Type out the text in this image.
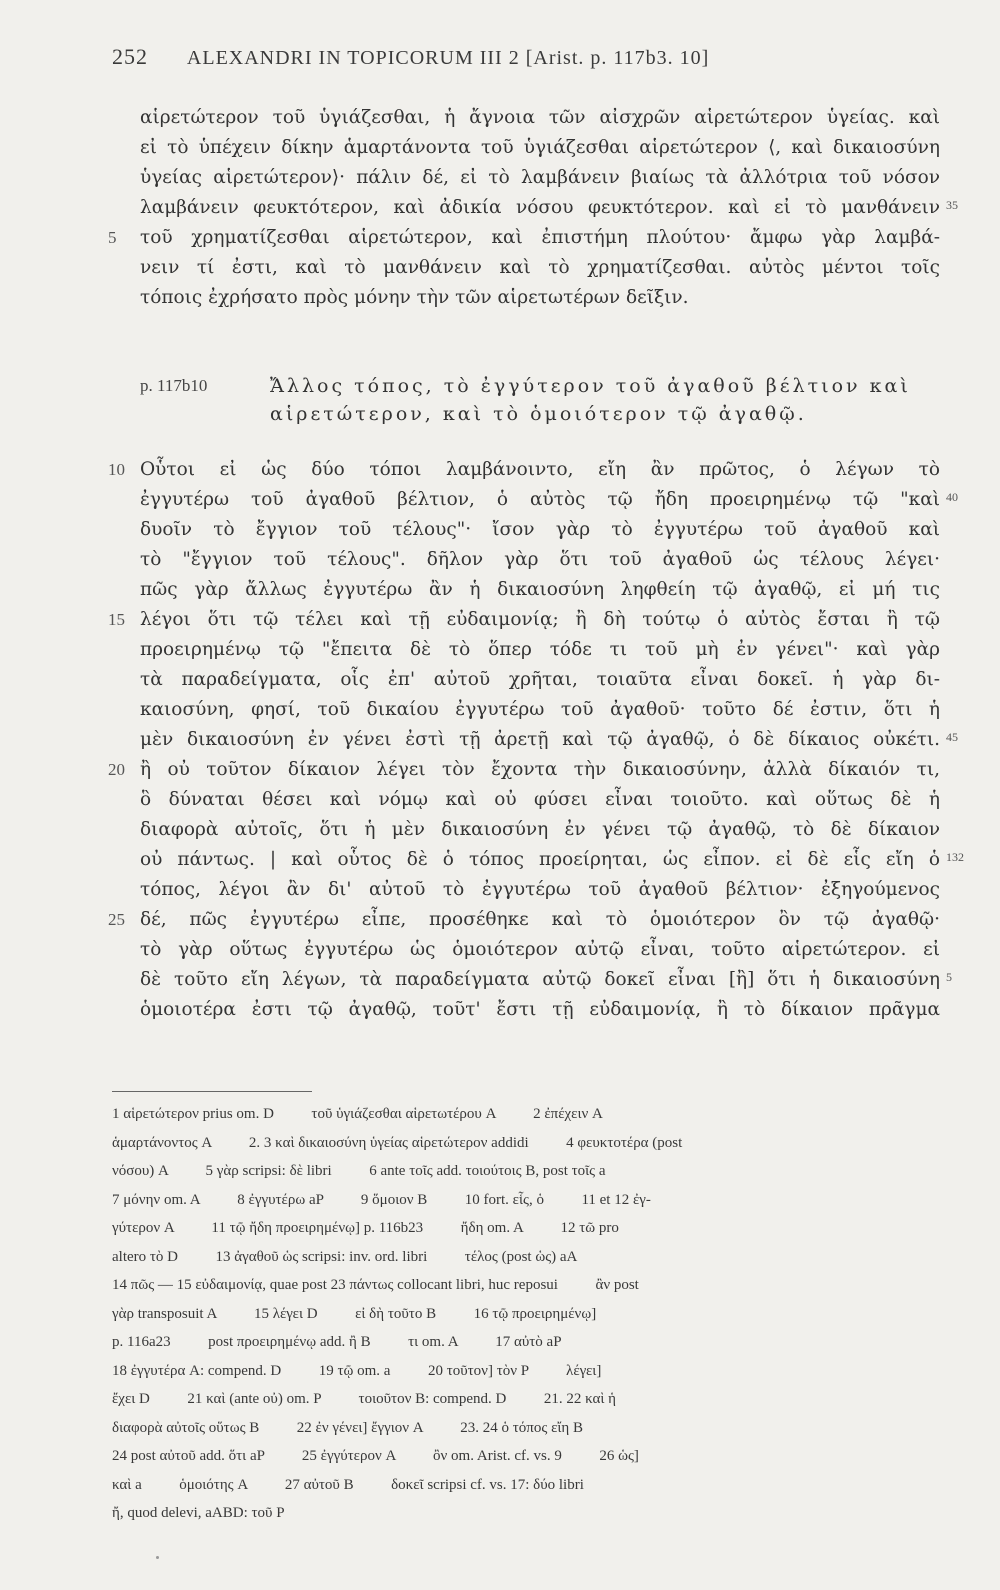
252 ALEXANDRI IN TOPICORUM III 2 [Arist. p. 117b3. 10]
αἱρετώτερον τοῦ ὑγιάζεσθαι, ἡ ἄγνοια τῶν αἰσχρῶν αἱρετώτερον ὑγείας. καὶ
εἰ τὸ ὑπέχειν δίκην ἁμαρτάνοντα τοῦ ὑγιάζεσθαι αἱρετώτερον ⟨, καὶ δικαιοσύνη
ὑγείας αἱρετώτερον⟩· πάλιν δέ, εἰ τὸ λαμβάνειν βιαίως τὰ ἀλλότρια τοῦ νόσον
λαμβάνειν φευκτότερον, καὶ ἀδικία νόσου φευκτότερον. καὶ εἰ τὸ μανθάνειν 35
τοῦ χρηματίζεσθαι αἱρετώτερον, καὶ ἐπιστήμη πλούτου· ἄμφω γὰρ λαμβά-
5
νειν τί ἐστι, καὶ τὸ μανθάνειν καὶ τὸ χρηματίζεσθαι. αὐτὸς μέντοι τοῖς
τόποις ἐχρήσατο πρὸς μόνην τὴν τῶν αἱρετωτέρων δεῖξιν.
p. 117b10	Ἄλλος τόπος, τὸ ἐγγύτερον τοῦ ἀγαθοῦ βέλτιον καὶ
αἱρετώτερον, καὶ τὸ ὁμοιότερον τῷ ἀγαθῷ.
Οὗτοι εἰ ὡς δύο τόποι λαμβάνοιντο, εἴη ἂν πρῶτος, ὁ λέγων τὸ
10
ἐγγυτέρω τοῦ ἀγαθοῦ βέλτιον, ὁ αὐτὸς τῷ ἤδη προειρημένῳ τῷ "καὶ 40
δυοῖν τὸ ἔγγιον τοῦ τέλους"· ἴσον γὰρ τὸ ἐγγυτέρω τοῦ ἀγαθοῦ καὶ
τὸ "ἔγγιον τοῦ τέλους". δῆλον γὰρ ὅτι τοῦ ἀγαθοῦ ὡς τέλους λέγει·
πῶς γὰρ ἄλλως ἐγγυτέρω ἂν ἡ δικαιοσύνη ληφθείη τῷ ἀγαθῷ, εἰ μή τις
λέγοι ὅτι τῷ τέλει καὶ τῇ εὐδαιμονίᾳ; ἢ δὴ τούτῳ ὁ αὐτὸς ἔσται ἢ τῷ
15
προειρημένῳ τῷ "ἔπειτα δὲ τὸ ὅπερ τόδε τι τοῦ μὴ ἐν γένει"· καὶ γὰρ
τὰ παραδείγματα, οἷς ἐπ' αὐτοῦ χρῆται, τοιαῦτα εἶναι δοκεῖ. ἡ γὰρ δι-
καιοσύνη, φησί, τοῦ δικαίου ἐγγυτέρω τοῦ ἀγαθοῦ· τοῦτο δέ ἐστιν, ὅτι ἡ
μὲν δικαιοσύνη ἐν γένει ἐστὶ τῇ ἀρετῇ καὶ τῷ ἀγαθῷ, ὁ δὲ δίκαιος οὐκέτι. 45
ἢ οὐ τοῦτον δίκαιον λέγει τὸν ἔχοντα τὴν δικαιοσύνην, ἀλλὰ δίκαιόν τι,
20
ὃ δύναται θέσει καὶ νόμῳ καὶ οὐ φύσει εἶναι τοιοῦτο. καὶ οὕτως δὲ ἡ
διαφορὰ αὐτοῖς, ὅτι ἡ μὲν δικαιοσύνη ἐν γένει τῷ ἀγαθῷ, τὸ δὲ δίκαιον
οὐ πάντως. | καὶ οὗτος δὲ ὁ τόπος προείρηται, ὡς εἶπον. εἰ δὲ εἷς εἴη ὁ 132
τόπος, λέγοι ἂν δι' αὐτοῦ τὸ ἐγγυτέρω τοῦ ἀγαθοῦ βέλτιον· ἐξηγούμενος
δέ, πῶς ἐγγυτέρω εἶπε, προσέθηκε καὶ τὸ ὁμοιότερον ὂν τῷ ἀγαθῷ·
25
τὸ γὰρ οὕτως ἐγγυτέρω ὡς ὁμοιότερον αὐτῷ εἶναι, τοῦτο αἱρετώτερον. εἰ
δὲ τοῦτο εἴη λέγων, τὰ παραδείγματα αὐτῷ δοκεῖ εἶναι [ἢ] ὅτι ἡ δικαιοσύνη 5
ὁμοιοτέρα ἐστι τῷ ἀγαθῷ, τοῦτ' ἔστι τῇ εὐδαιμονίᾳ, ἢ τὸ δίκαιον πρᾶγμα
1 αἱρετώτερον prius om. D          τοῦ ὑγιάζεσθαι αἱρετωτέρου A          2 ἐπέχειν A
ἁμαρτάνοντος A          2. 3 καὶ δικαιοσύνη ὑγείας αἱρετώτερον addidi          4 φευκτοτέρα (post
νόσου) A          5 γὰρ scripsi: δὲ libri          6 ante τοῖς add. τοιούτοις B, post τοῖς a
7 μόνην om. A          8 ἐγγυτέρω aP          9 ὅμοιον B          10 fort. εἷς, ὁ          11 et 12 ἐγ-
γύτερον A          11 τῷ ἤδη προειρημένῳ] p. 116b23          ἤδη om. A          12 τῶ pro
altero τὸ D          13 ἀγαθοῦ ὡς scripsi: inv. ord. libri          τέλος (post ὡς) aA
14 πῶς — 15 εὐδαιμονίᾳ, quae post 23 πάντως collocant libri, huc reposui          ἂν post
γὰρ transposuit A          15 λέγει D          εἰ δὴ τοῦτο B          16 τῷ προειρημένῳ]
p. 116a23          post προειρημένῳ add. ἢ B          τι om. A          17 αὐτὸ aP
18 ἐγγυτέρα A: compend. D          19 τῷ om. a          20 τοῦτον] τὸν P          λέγει]
ἔχει D          21 καὶ (ante οὐ) om. P          τοιοῦτον B: compend. D          21. 22 καὶ ἡ
διαφορὰ αὐτοῖς οὕτως B          22 ἐν γένει] ἔγγιον A          23. 24 ὁ τόπος εἴη B
24 post αὐτοῦ add. ὅτι aP          25 ἐγγύτερον A          ὂν om. Arist. cf. vs. 9          26 ὡς]
καὶ a          ὁμοιότης A          27 αὐτοῦ B          δοκεῖ scripsi cf. vs. 17: δύο libri
ἤ, quod delevi, aABD: τοῦ P
